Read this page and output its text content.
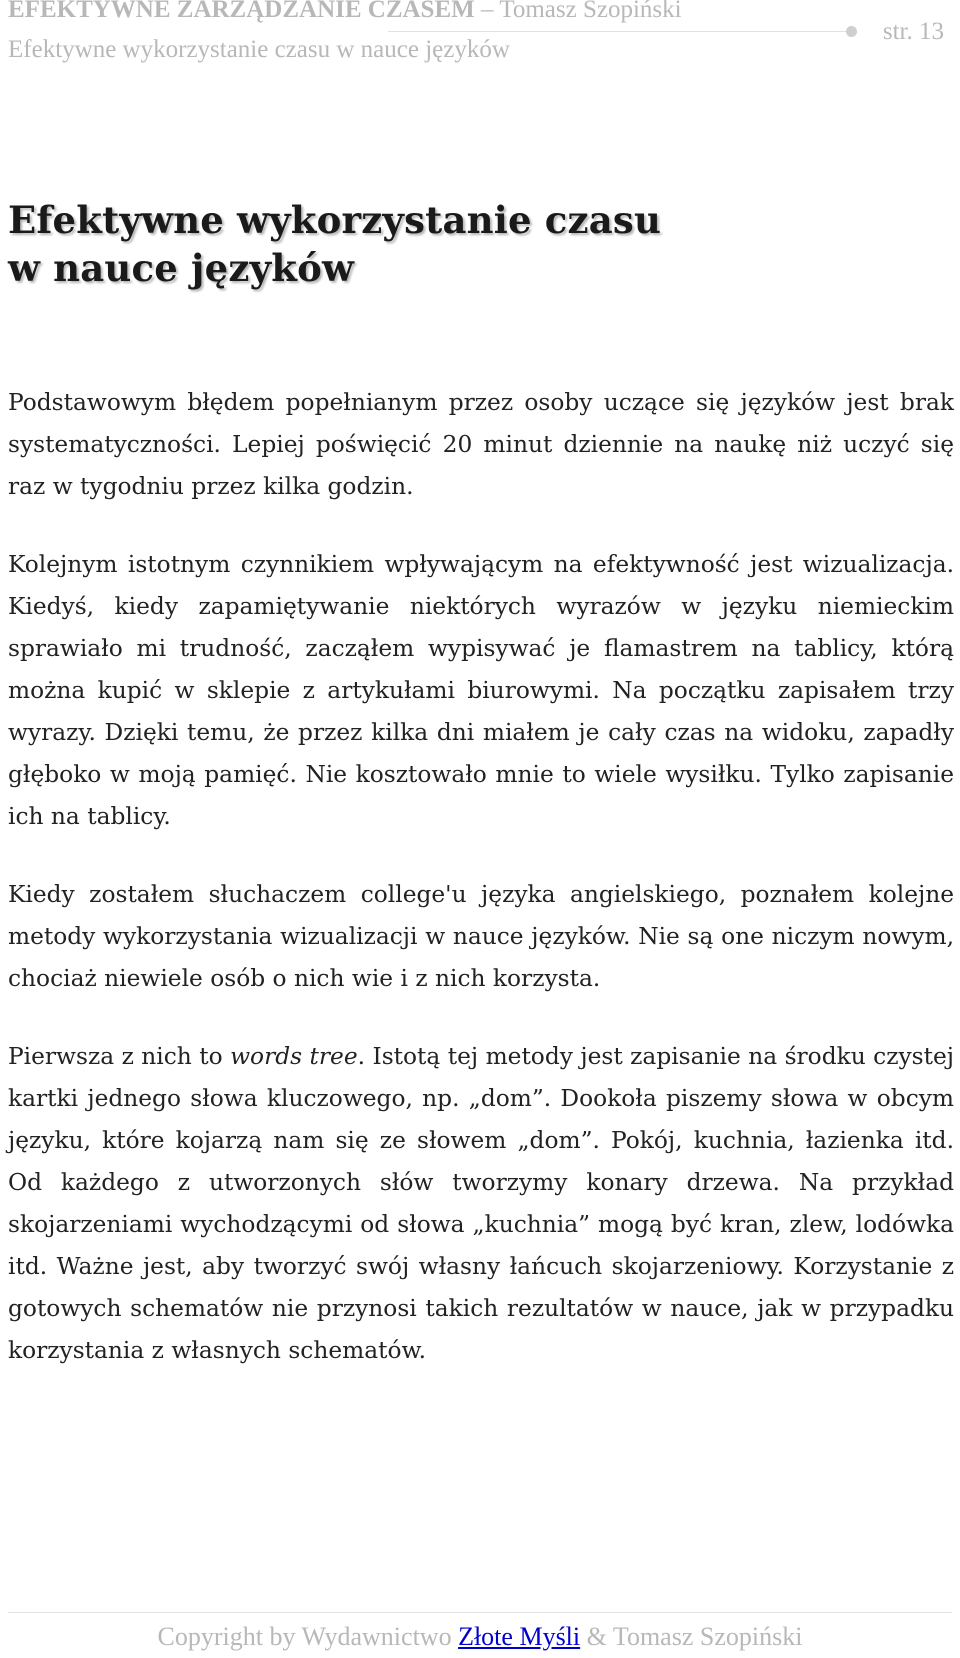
EFEKTYWNE ZARZĄDZANIE CZASEM – Tomasz Szopiński
Efektywne wykorzystanie czasu w nauce języków
str. 13
Efektywne wykorzystanie czasu
w nauce języków

Podstawowym błędem popełnianym przez osoby uczące się języków jest brak systematyczności. Lepiej poświęcić 20 minut dziennie na naukę niż uczyć się raz w tygodniu przez kilka godzin.

Kolejnym istotnym czynnikiem wpływającym na efektywność jest wizualizacja. Kiedyś, kiedy zapamiętywanie niektórych wyrazów w języku niemieckim sprawiało mi trudność, zacząłem wypisywać je flamastrem na tablicy, którą można kupić w sklepie z artykułami biurowymi. Na początku zapisałem trzy wyrazy. Dzięki temu, że przez kilka dni miałem je cały czas na widoku, zapadły głęboko w moją pamięć. Nie kosztowało mnie to wiele wysiłku. Tylko zapisanie ich na tablicy.

Kiedy zostałem słuchaczem college'u języka angielskiego, poznałem kolejne metody wykorzystania wizualizacji w nauce języków. Nie są one niczym nowym, chociaż niewiele osób o nich wie i z nich korzysta.

Pierwsza z nich to words tree. Istotą tej metody jest zapisanie na środku czystej kartki jednego słowa kluczowego, np. „dom”. Dookoła piszemy słowa w obcym języku, które kojarzą nam się ze słowem „dom”. Pokój, kuchnia, łazienka itd. Od każdego z utworzonych słów tworzymy konary drzewa. Na przykład skojarzeniami wychodzącymi od słowa „kuchnia” mogą być kran, zlew, lodówka itd. Ważne jest, aby tworzyć swój własny łańcuch skojarzeniowy. Korzystanie z gotowych schematów nie przynosi takich rezultatów w nauce, jak w przypadku korzystania z własnych schematów.

Copyright by Wydawnictwo Złote Myśli & Tomasz Szopiński
